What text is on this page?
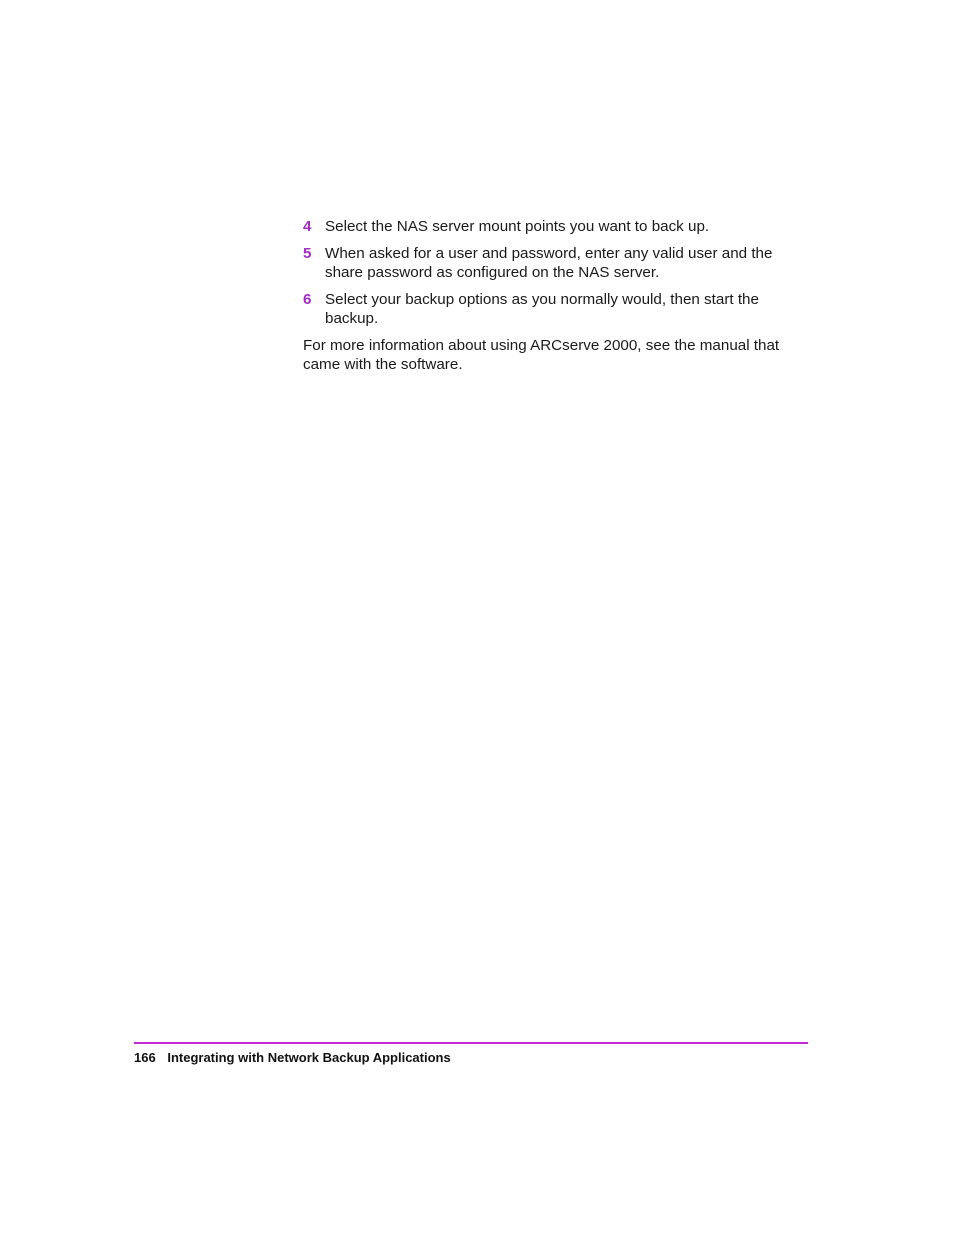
4 Select the NAS server mount points you want to back up.
5 When asked for a user and password, enter any valid user and the share password as configured on the NAS server.
6 Select your backup options as you normally would, then start the backup.
For more information about using ARCserve 2000, see the manual that came with the software.
166 Integrating with Network Backup Applications
